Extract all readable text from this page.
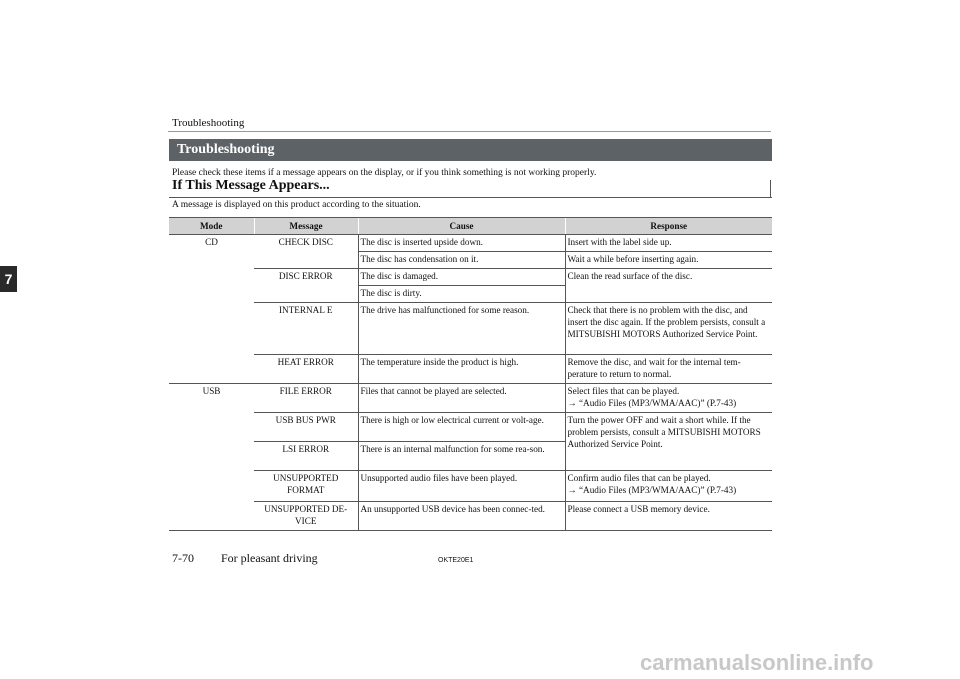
Troubleshooting
7
Troubleshooting
Please check these items if a message appears on the display, or if you think something is not working properly.
If This Message Appears...
A message is displayed on this product according to the situation.
Mode	Message	Cause	Response
CD	CHECK DISC	The disc is inserted upside down.	Insert with the label side up.
		The disc has condensation on it.	Wait a while before inserting again.
	DISC ERROR	The disc is damaged.	Clean the read surface of the disc.
		The disc is dirty.	
	INTERNAL E	The drive has malfunctioned for some reason.	Check that there is no problem with the disc, and insert the disc again. If the problem persists, consult a MITSUBISHI MOTORS Authorized Service Point.
	HEAT ERROR	The temperature inside the product is high.	Remove the disc, and wait for the internal tem-perature to return to normal.
USB	FILE ERROR	Files that cannot be played are selected.	Select files that can be played.
→ “Audio Files (MP3/WMA/AAC)” (P.7-43)

	USB BUS PWR	There is high or low electrical current or volt-age.	Turn the power OFF and wait a short while. If the problem persists, consult a MITSUBISHI MOTORS Authorized Service Point.
	LSI ERROR	There is an internal malfunction for some rea-son.	
	UNSUPPORTED FORMAT	Unsupported audio files have been played.	Confirm audio files that can be played.
→ “Audio Files (MP3/WMA/AAC)” (P.7-43)

	UNSUPPORTED DE-VICE	An unsupported USB device has been connec-ted.	Please connect a USB memory device.
7-70 For pleasant driving	OKTE20E1
carmanualsonline.info
